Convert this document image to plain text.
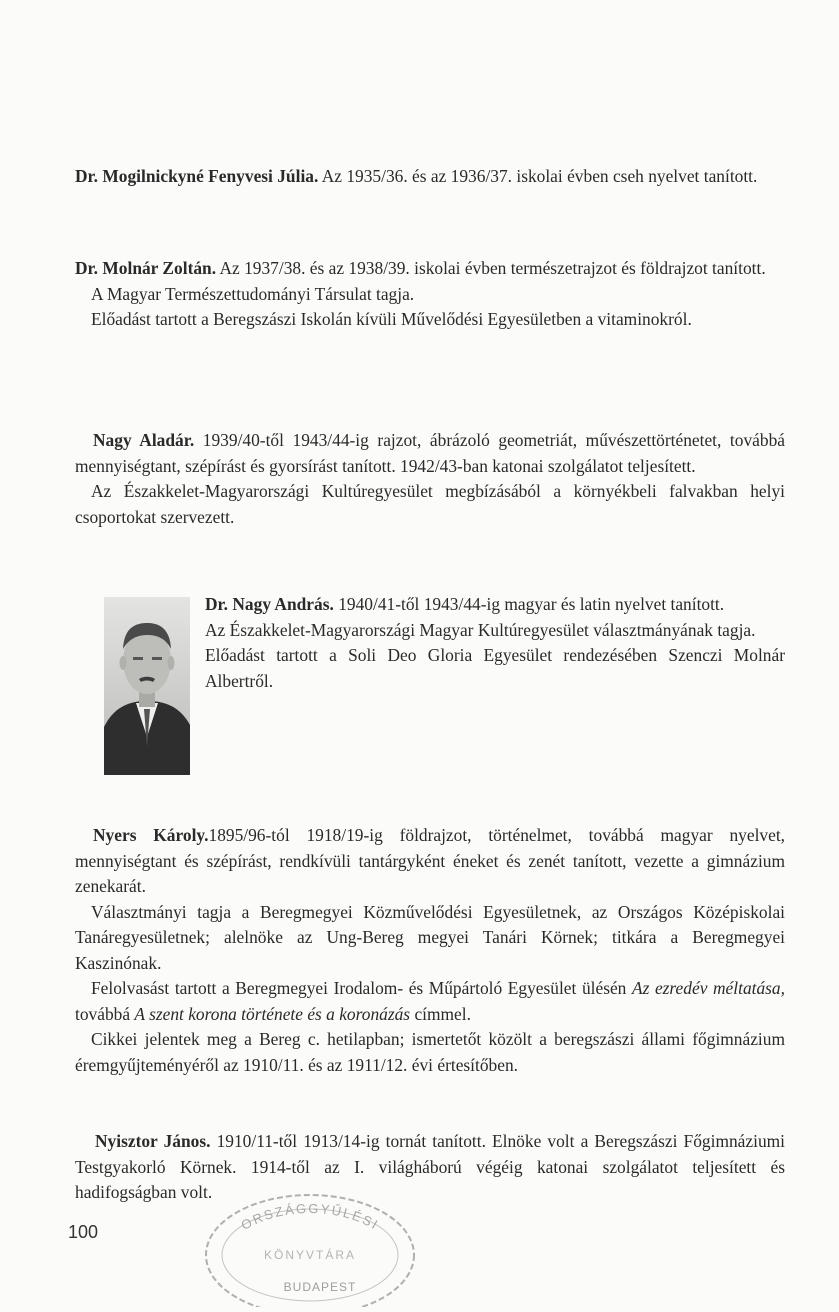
Dr. Mogilnickyné Fenyvesi Júlia. Az 1935/36. és az 1936/37. iskolai évben cseh nyelvet tanított.

Dr. Molnár Zoltán. Az 1937/38. és az 1938/39. iskolai évben természetrajzot és földrajzot tanított.

A Magyar Természettudományi Társulat tagja.

Előadást tartott a Beregszászi Iskolán kívüli Művelődési Egyesületben a vitaminokról.

Nagy Aladár. 1939/40-től 1943/44-ig rajzot, ábrázoló geometriát, művészettörténetet, továbbá mennyiségtant, szépírást és gyorsírást tanított. 1942/43-ban katonai szolgálatot teljesített.

Az Északkelet-Magyarországi Kultúregyesület megbízásából a környékbeli falvakban helyi csoportokat szervezett.

Dr. Nagy András. 1940/41-től 1943/44-ig magyar és latin nyelvet tanított.

Az Északkelet-Magyarországi Magyar Kultúregyesület választmányának tagja.

Előadást tartott a Soli Deo Gloria Egyesület rendezésében Szenczi Molnár Albertről.

Nyers Károly.1895/96-tól 1918/19-ig földrajzot, történelmet, továbbá magyar nyelvet, mennyiségtant és szépírást, rendkívüli tantárgyként éneket és zenét tanított, vezette a gimnázium zenekarát.

Választmányi tagja a Beregmegyei Közművelődési Egyesületnek, az Országos Középiskolai Tanáregyesületnek; alelnöke az Ung-Bereg megyei Tanári Körnek; titkára a Beregmegyei Kaszinónak.

Felolvasást tartott a Beregmegyei Irodalom- és Műpártoló Egyesület ülésén Az ezredév méltatása, továbbá A szent korona története és a koronázás címmel.

Cikkei jelentek meg a Bereg c. hetilapban; ismertetőt közölt a beregszászi állami főgimnázium éremgyűjteményéről az 1910/11. és az 1911/12. évi értesítőben.

Nyisztor János. 1910/11-től 1913/14-ig tornát tanított. Elnöke volt a Beregszászi Főgimnáziumi Testgyakorló Körnek. 1914-től az I. világháború végéig katonai szolgálatot teljesített és hadifogságban volt.

100	ORSZÁGGYŰLÉSI
KÖNYVTÁRA
BUDAPEST
